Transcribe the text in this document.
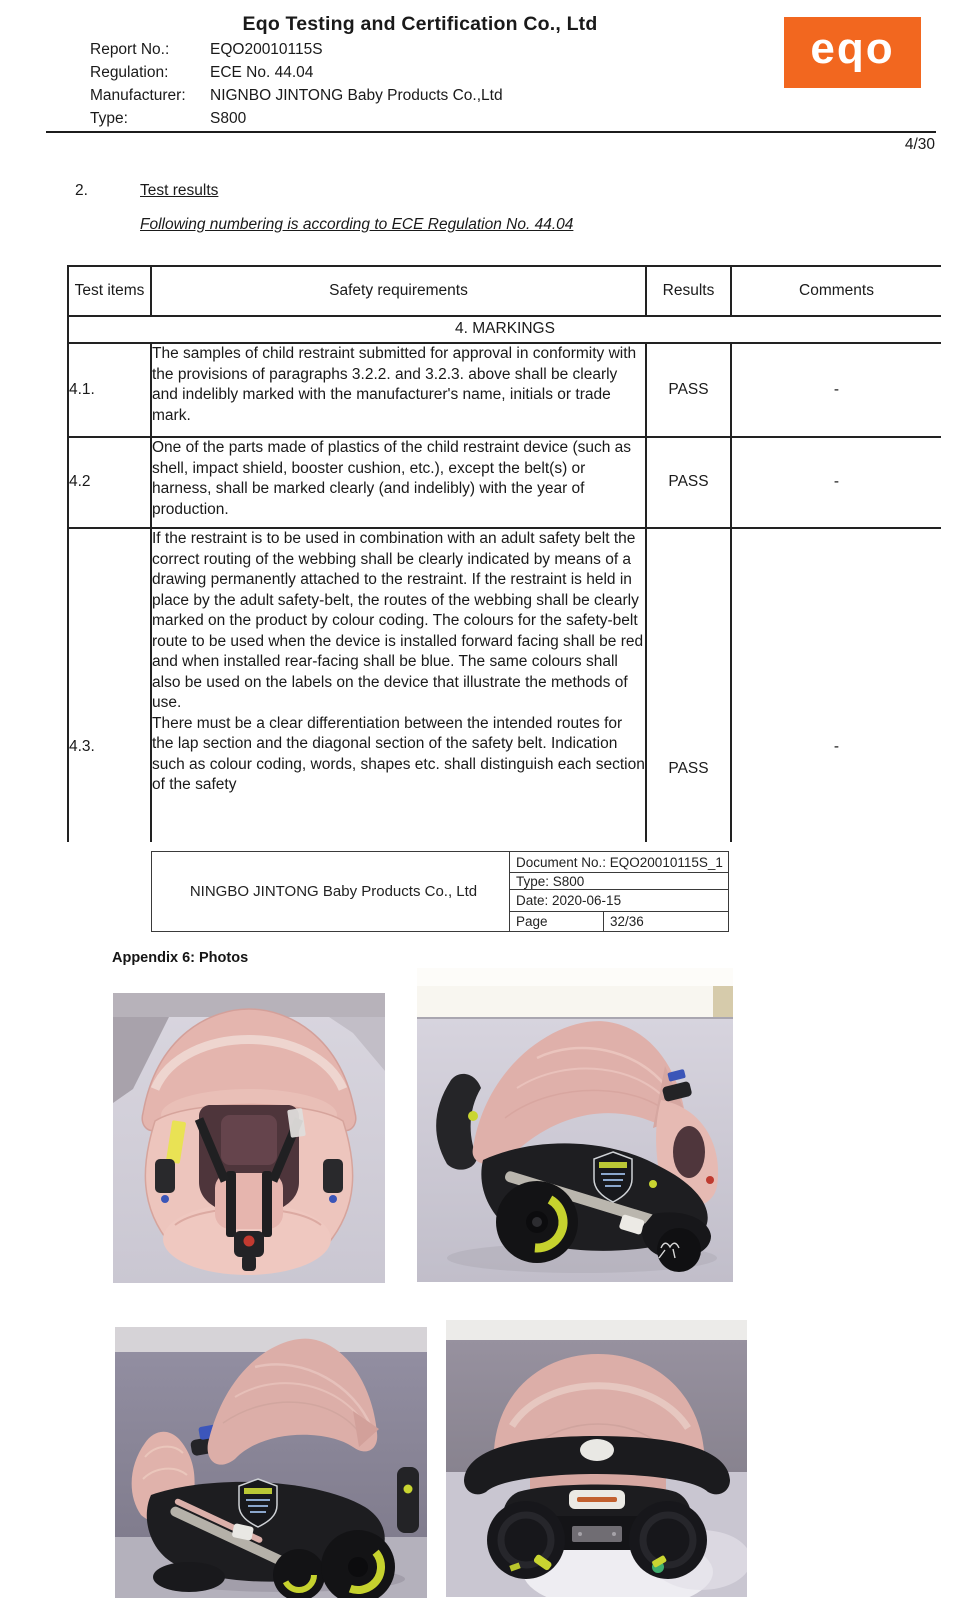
Eqo Testing and Certification Co., Ltd
Report No.:	EQO20010115S
Regulation:	ECE No. 44.04
Manufacturer:	NIGNBO JINTONG Baby Products Co.,Ltd
Type:	S800
eqo
4/30
2.	Test results
Following numbering is according to ECE Regulation No. 44.04
Test items	Safety requirements	Results	Comments
4. MARKINGS			
4.1.	The samples of child restraint submitted for approval in conformity with the provisions of paragraphs 3.2.2. and 3.2.3. above shall be clearly and indelibly marked with the manufacturer's name, initials or trade mark.	PASS	-
4.2	One of the parts made of plastics of the child restraint device (such as shell, impact shield, booster cushion, etc.), except the belt(s) or harness, shall be marked clearly (and indelibly) with the year of production.	PASS	-
4.3.	If the restraint is to be used in combination with an adult safety belt the correct routing of the webbing shall be clearly indicated by means of a drawing permanently attached to the restraint. If the restraint is held in place by the adult safety-belt, the routes of the webbing shall be clearly marked on the product by colour coding. The colours for the safety-belt route to be used when the device is installed forward facing shall be red and when installed rear-facing shall be blue. The same colours shall also be used on the labels on the device that illustrate the methods of use.
There must be a clear differentiation between the intended routes for the lap section and the diagonal section of the safety belt. Indication such as colour coding, words, shapes etc. shall distinguish each section of the safety	PASS	-
NINGBO JINTONG Baby Products Co., Ltd	Document No.: EQO20010115S_1	
	Type: S800	
	Date: 2020-06-15	
	Page	32/36
Appendix 6: Photos
